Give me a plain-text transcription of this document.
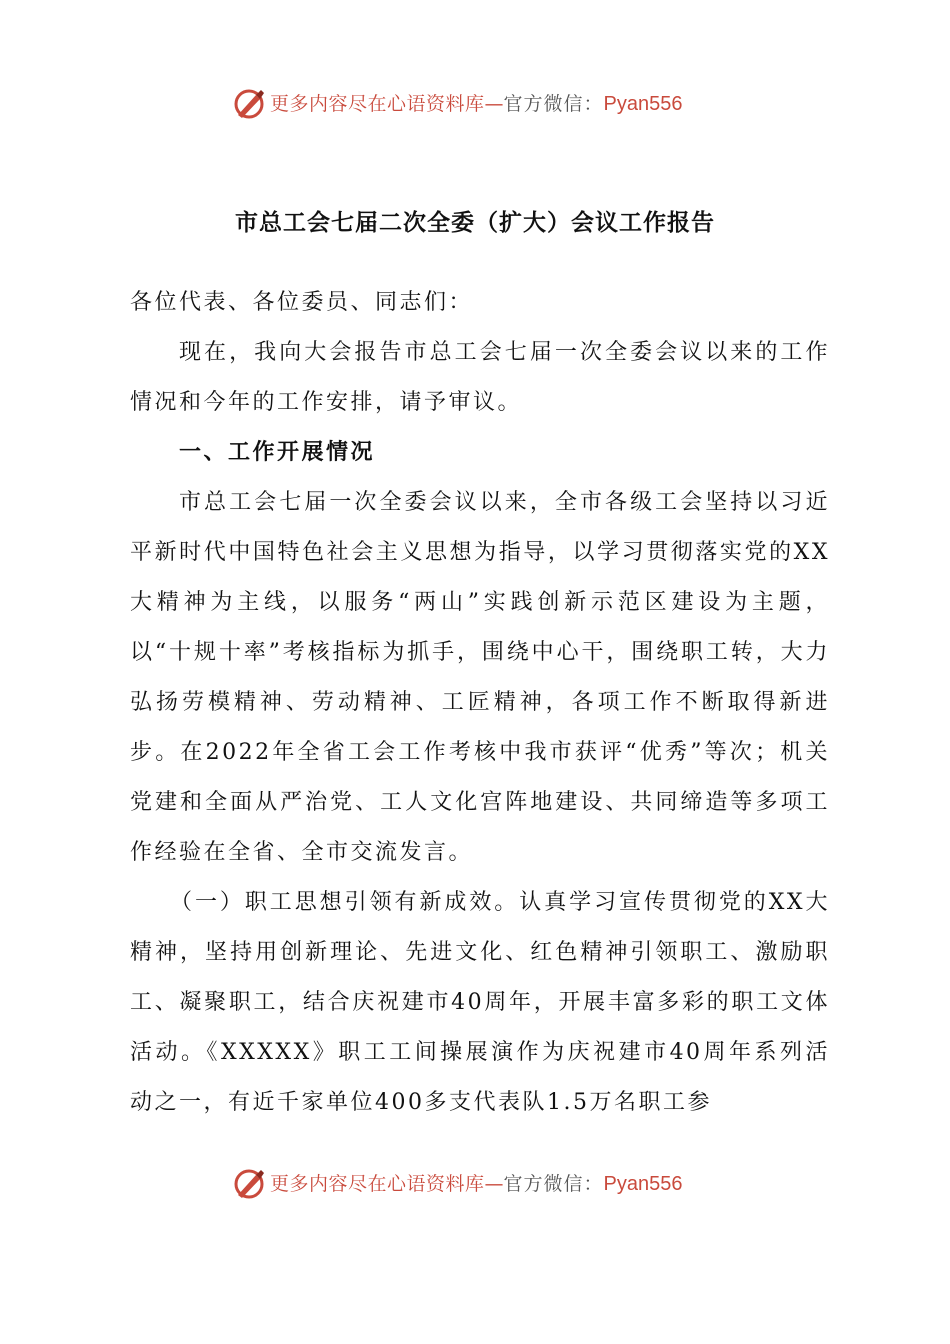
更多内容尽在心语资料库 — 官方微信： Pyan556
市总工会七届二次全委（扩大）会议工作报告

各位代表、各位委员、同志们：

现在，我向大会报告市总工会七届一次全委会议以来的工作情况和今年的工作安排，请予审议。

一、工作开展情况

市总工会七届一次全委会议以来，全市各级工会坚持以习近平新时代中国特色社会主义思想为指导，以学习贯彻落实党的XX大精神为主线，以服务“两山”实践创新示范区建设为主题，以“十规十率”考核指标为抓手，围绕中心干，围绕职工转，大力弘扬劳模精神、劳动精神、工匠精神，各项工作不断取得新进步。在2022年全省工会工作考核中我市获评“优秀”等次；机关党建和全面从严治党、工人文化宫阵地建设、共同缔造等多项工作经验在全省、全市交流发言。

（一）职工思想引领有新成效。认真学习宣传贯彻党的XX大精神，坚持用创新理论、先进文化、红色精神引领职工、激励职工、凝聚职工，结合庆祝建市40周年，开展丰富多彩的职工文体活动。《XXXXX》职工工间操展演作为庆祝建市40周年系列活动之一，有近千家单位400多支代表队1.5万名职工参

更多内容尽在心语资料库 — 官方微信： Pyan556
